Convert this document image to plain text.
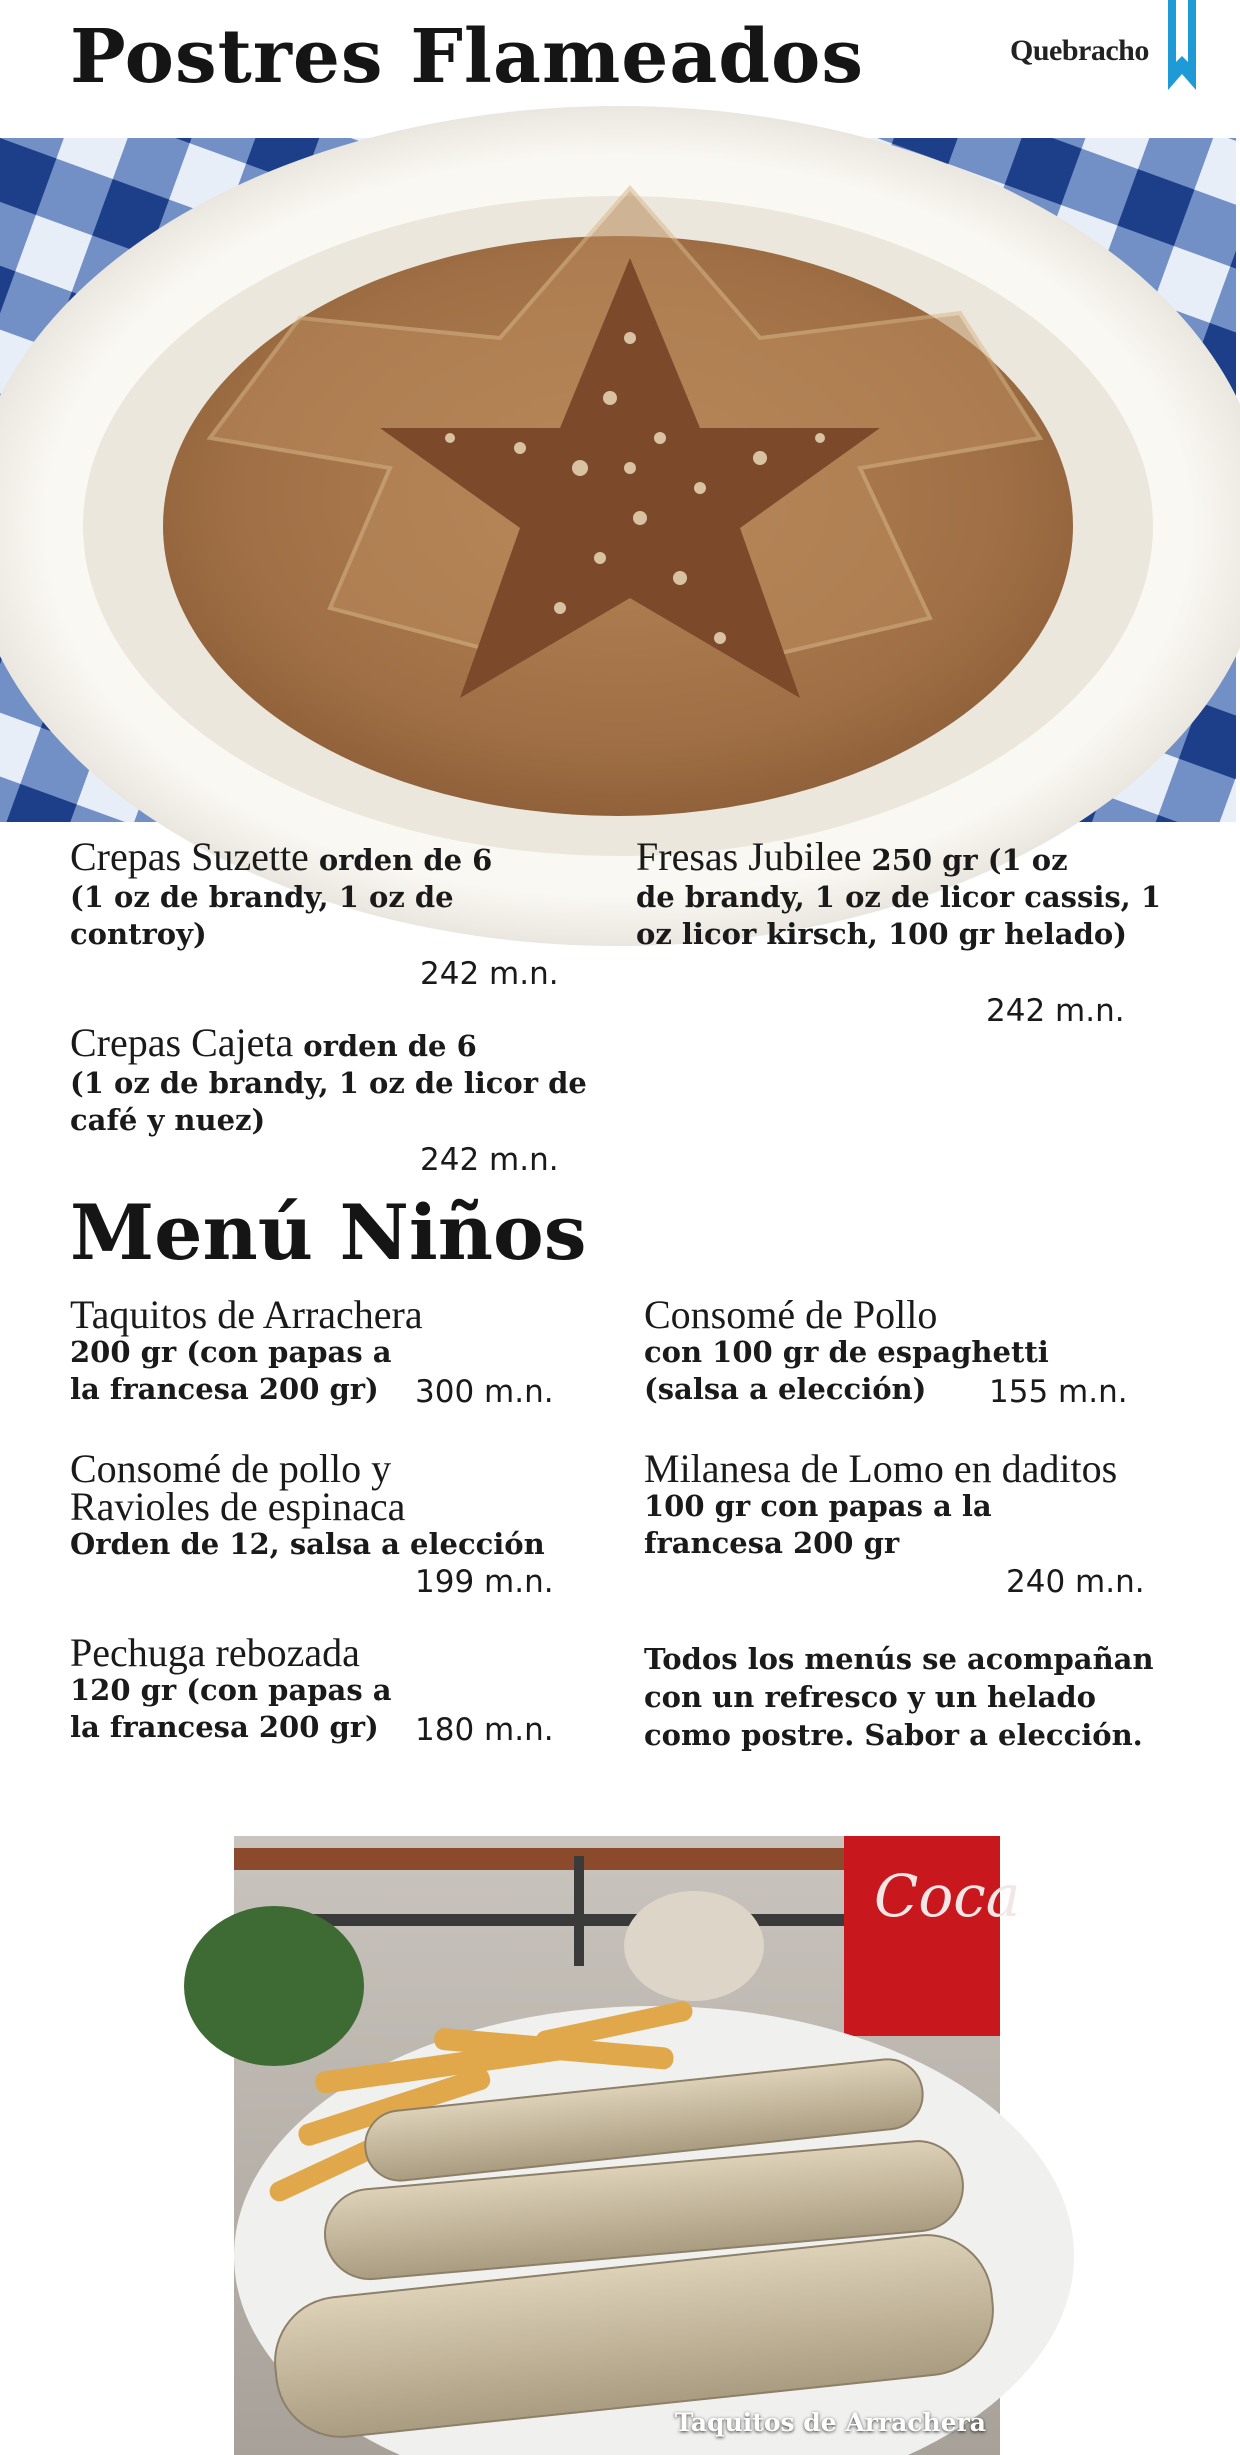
Postres Flameados	Quebracho

Crepas Suzette orden de 6

(1 oz de brandy, 1 oz de controy)

242 m.n.

Fresas Jubilee 250 gr (1 oz

de brandy, 1 oz de licor cassis, 1 oz licor kirsch, 100 gr helado)

242 m.n.

Crepas Cajeta orden de 6

(1 oz de brandy, 1 oz de licor de café y nuez)

242 m.n.
Menú Niños

Taquitos de Arrachera

200 gr (con papas a la francesa 200 gr)	300 m.n.

Consomé de Pollo

con 100 gr de espaghetti (salsa a elección)	155 m.n.

Consomé de pollo y Ravioles de espinaca

Orden de 12, salsa a elección

199 m.n.

Milanesa de Lomo en daditos

100 gr con papas a la francesa 200 gr

240 m.n.

Pechuga rebozada

120 gr (con papas a la francesa 200 gr)	180 m.n.
Todos los menús se acompañan con un refresco y un helado como postre. Sabor a elección.
Coca
Taquitos de Arrachera
